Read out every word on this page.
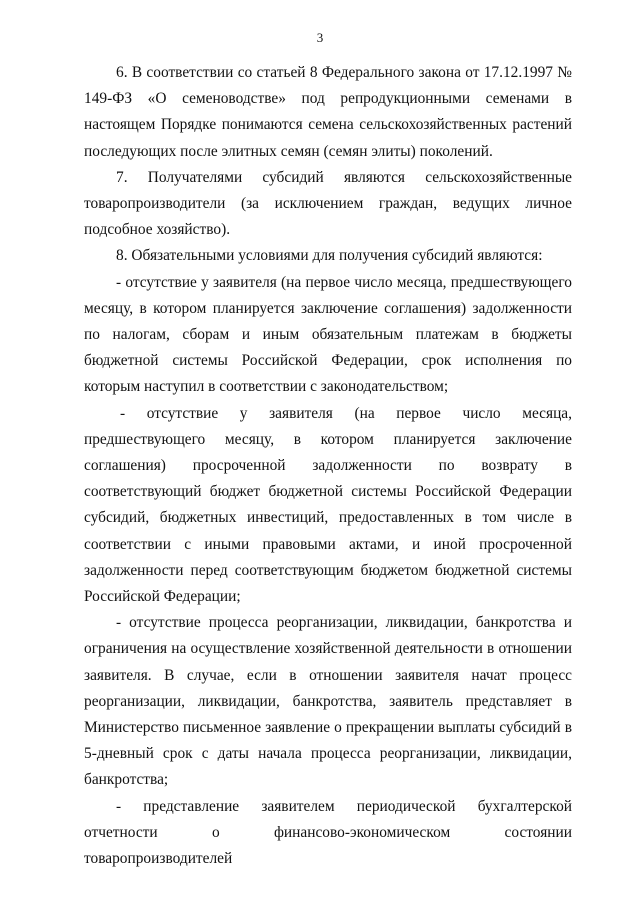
3

6. В соответствии со статьей 8 Федерального закона от 17.12.1997 № 149-ФЗ «О семеноводстве» под репродукционными семенами в настоящем Порядке понимаются семена сельскохозяйственных растений последующих после элитных семян (семян элиты) поколений.

7. Получателями субсидий являются сельскохозяйственные товаропроизводители (за исключением граждан, ведущих личное подсобное хозяйство).

8. Обязательными условиями для получения субсидий являются:

- отсутствие у заявителя (на первое число месяца, предшествующего месяцу, в котором планируется заключение соглашения) задолженности по налогам, сборам и иным обязательным платежам в бюджеты бюджетной системы Российской Федерации, срок исполнения по которым наступил в соответствии с законодательством;

- отсутствие у заявителя (на первое число месяца, предшествующего месяцу, в котором планируется заключение соглашения) просроченной задолженности по возврату в соответствующий бюджет бюджетной системы Российской Федерации субсидий, бюджетных инвестиций, предоставленных в том числе в соответствии с иными правовыми актами, и иной просроченной задолженности перед соответствующим бюджетом бюджетной системы Российской Федерации;

- отсутствие процесса реорганизации, ликвидации, банкротства и ограничения на осуществление хозяйственной деятельности в отношении заявителя. В случае, если в отношении заявителя начат процесс реорганизации, ликвидации, банкротства, заявитель представляет в Министерство письменное заявление о прекращении выплаты субсидий в 5-дневный срок с даты начала процесса реорганизации, ликвидации, банкротства;

- представление заявителем периодической бухгалтерской отчетности о финансово-экономическом состоянии товаропроизводителей
